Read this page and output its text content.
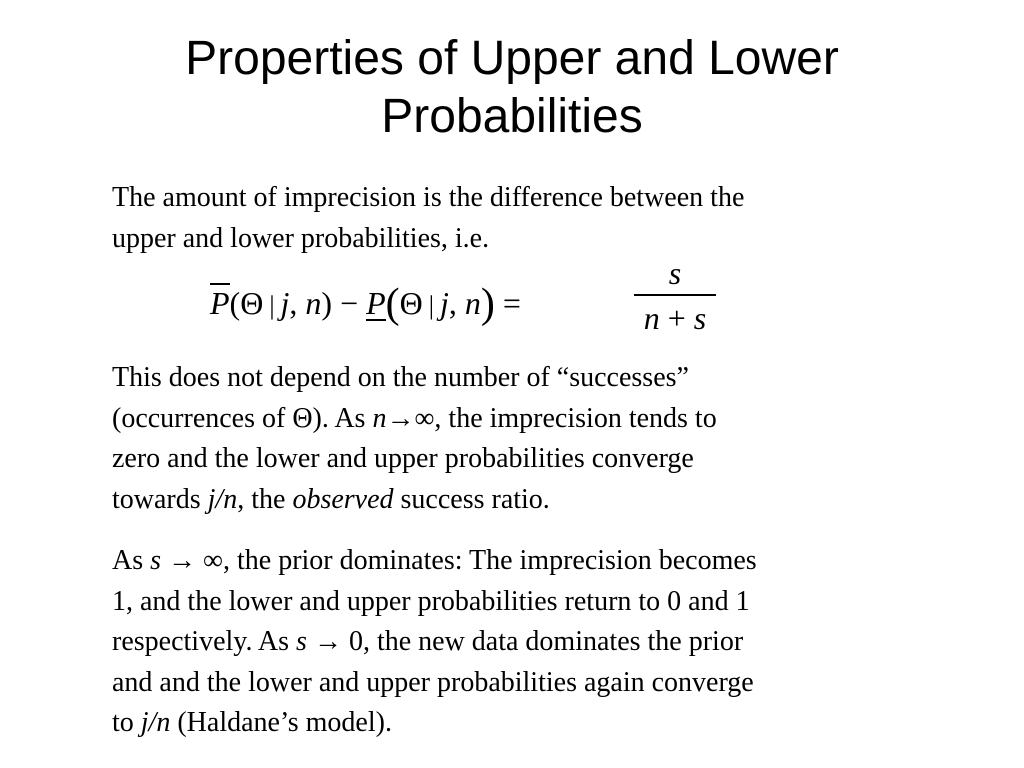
Properties of Upper and Lower
Probabilities
The amount of imprecision is the difference between the
upper and lower probabilities, i.e.
P(Θ | j, n) − P(Θ | j, n) =
s
n + s
This does not depend on the number of “successes”
(occurrences of Θ). As n→∞, the imprecision tends to
zero and the lower and upper probabilities converge
towards j/n, the observed success ratio.
As s → ∞, the prior dominates: The imprecision becomes
1, and the lower and upper probabilities return to 0 and 1
respectively. As s → 0, the new data dominates the prior
and and the lower and upper probabilities again converge
to j/n (Haldane’s model).
